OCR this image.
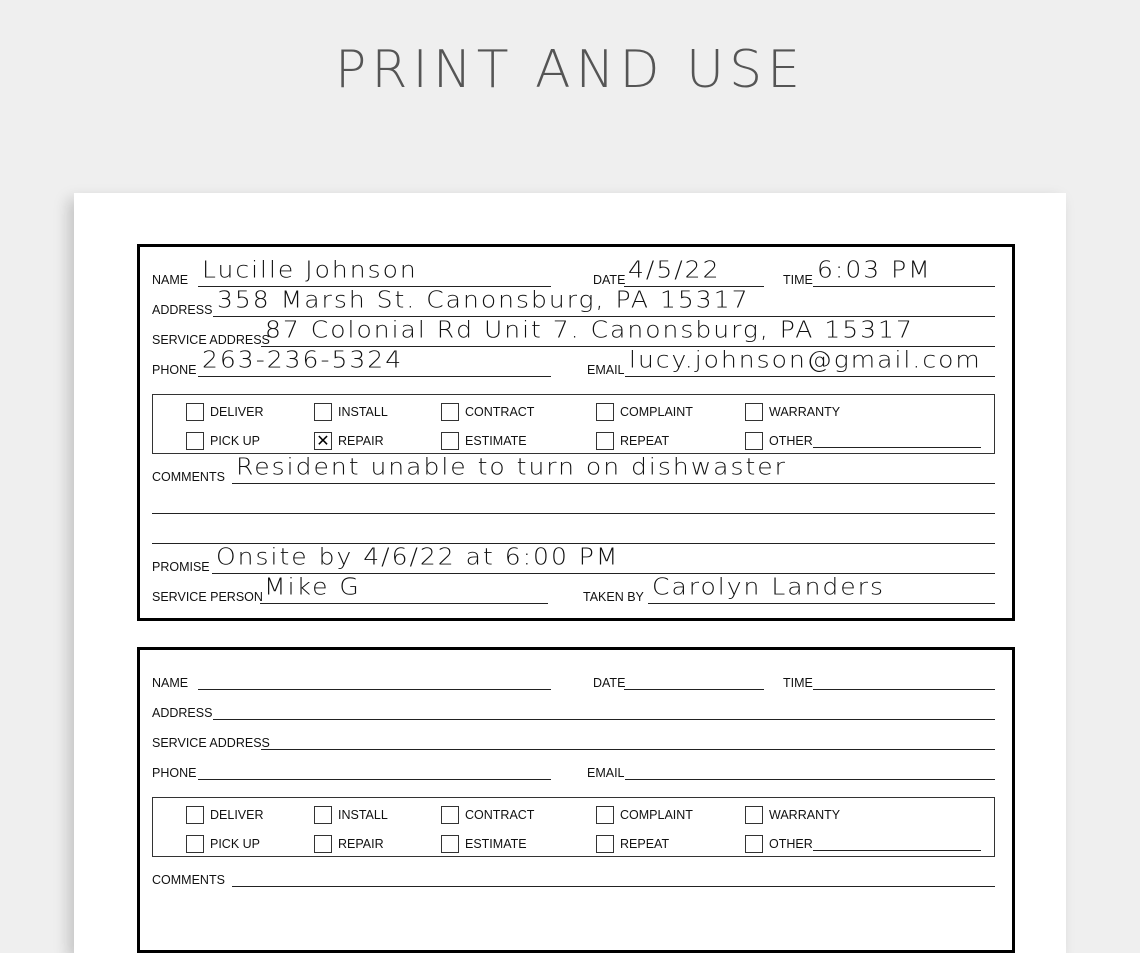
PRINT AND USE
NAME Lucille Johnson	DATE 4/5/22	TIME 6:03 PM
ADDRESS 358 Marsh St. Canonsburg, PA 15317
SERVICE ADDRESS
87 Colonial Rd Unit 7. Canonsburg, PA 15317
PHONE 263-236-5324	EMAIL lucy.johnson@gmail.com
COMMENTS Resident unable to turn on dishwaster
PROMISE Onsite by 4/6/22 at 6:00 PM
SERVICE PERSON Mike G	TAKEN BY Carolyn Landers
DELIVER	INSTALL	CONTRACT	COMPLAINT	WARRANTY
PICK UP	✕ REPAIR	ESTIMATE	REPEAT	OTHER
NAME	DATE	TIME
ADDRESS
SERVICE ADDRESS
PHONE	EMAIL
COMMENTS
DELIVER	INSTALL	CONTRACT	COMPLAINT	WARRANTY
PICK UP	REPAIR	ESTIMATE	REPEAT	OTHER
